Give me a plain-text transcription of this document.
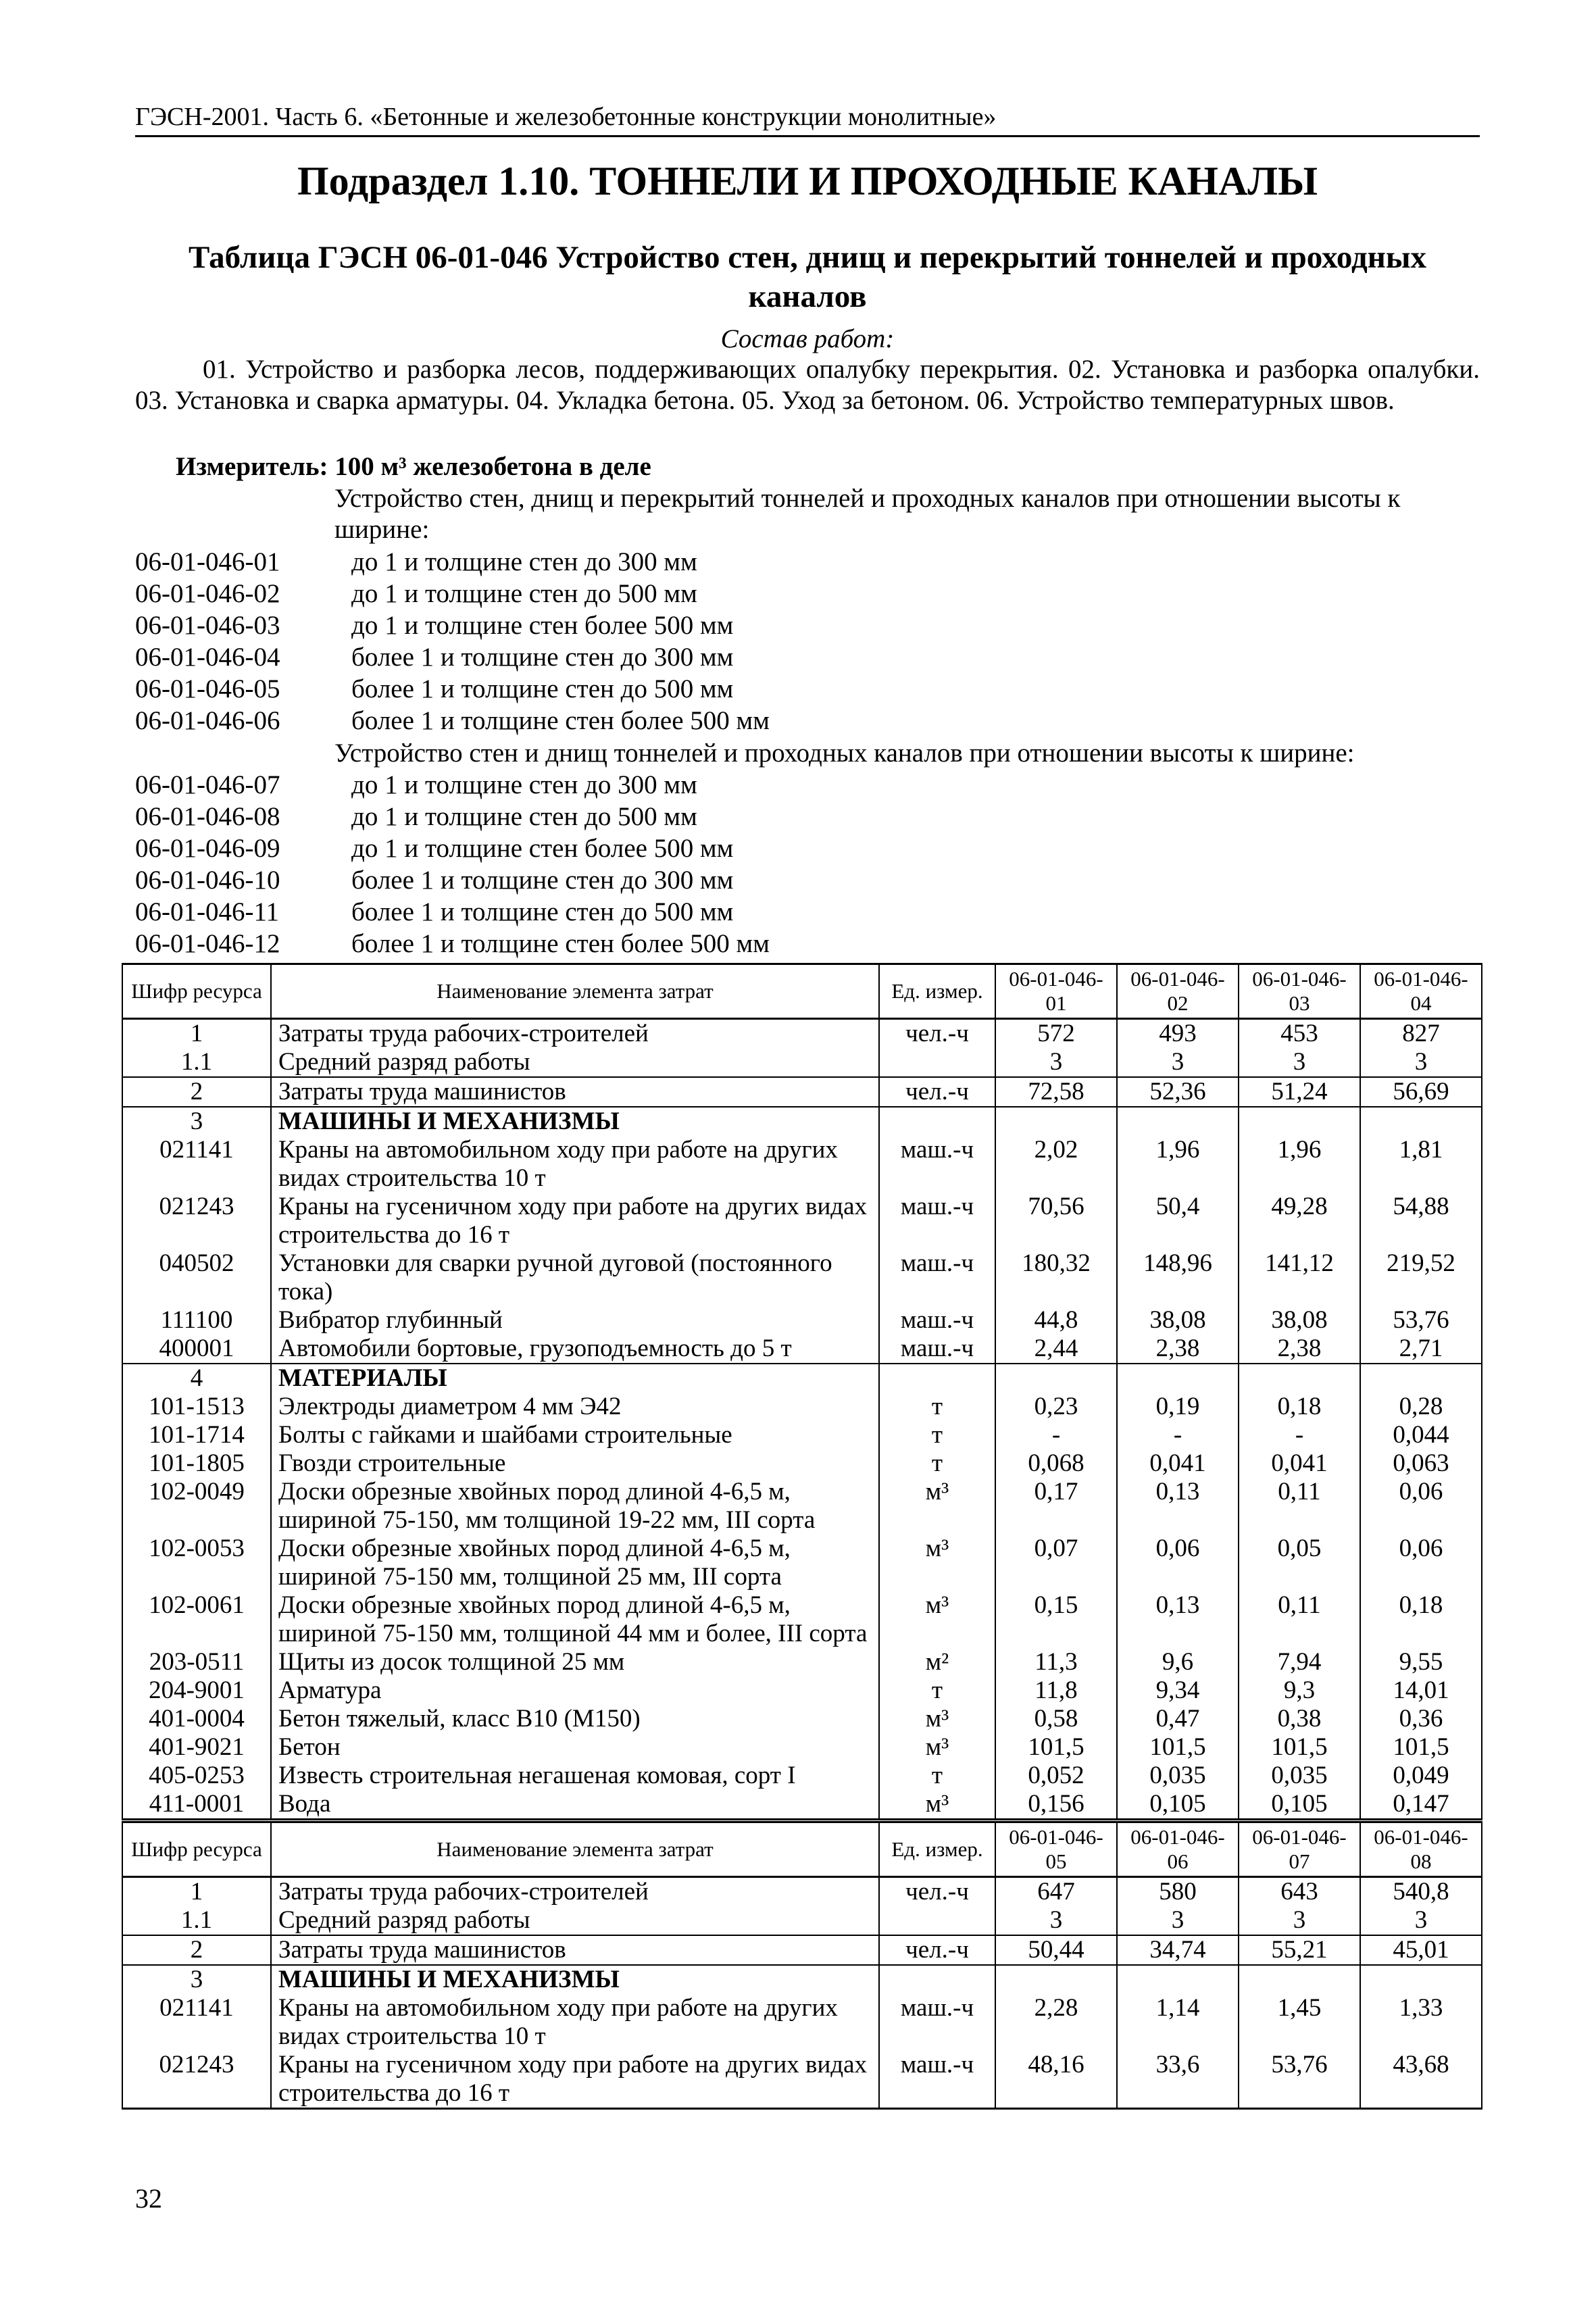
ГЭСН-2001. Часть 6. «Бетонные и железобетонные конструкции монолитные»
Подраздел 1.10. ТОННЕЛИ И ПРОХОДНЫЕ КАНАЛЫ
Таблица ГЭСН 06-01-046 Устройство стен, днищ и перекрытий тоннелей и проходных
каналов
Состав работ:
01. Устройство и разборка лесов, поддерживающих опалубку перекрытия. 02. Установка и разборка опалубки. 03. Установка и сварка арматуры. 04. Укладка бетона. 05. Уход за бетоном. 06. Устройство температурных швов.
Измеритель: 100 м³ железобетона в деле
Устройство стен, днищ и перекрытий тоннелей и проходных каналов при отношении высоты к ширине:
06-01-046-01	до 1 и толщине стен до 300 мм
06-01-046-02	до 1 и толщине стен до 500 мм
06-01-046-03	до 1 и толщине стен более 500 мм
06-01-046-04	более 1 и толщине стен до 300 мм
06-01-046-05	более 1 и толщине стен до 500 мм
06-01-046-06	более 1 и толщине стен более 500 мм
Устройство стен и днищ тоннелей и проходных каналов при отношении высоты к ширине:
06-01-046-07	до 1 и толщине стен до 300 мм
06-01-046-08	до 1 и толщине стен до 500 мм
06-01-046-09	до 1 и толщине стен более 500 мм
06-01-046-10	более 1 и толщине стен до 300 мм
06-01-046-11	более 1 и толщине стен до 500 мм
06-01-046-12	более 1 и толщине стен более 500 мм
Шифр ресурса	Наименование элемента затрат	Ед. измер.	06-01-046-01	06-01-046-02	06-01-046-03	06-01-046-04
1	Затраты труда рабочих-строителей	чел.-ч	572	493	453	827
1.1	Средний разряд работы		3	3	3	3
2	Затраты труда машинистов	чел.-ч	72,58	52,36	51,24	56,69
3	МАШИНЫ И МЕХАНИЗМЫ					
021141	Краны на автомобильном ходу при работе на других видах строительства 10 т	маш.-ч	2,02	1,96	1,96	1,81
021243	Краны на гусеничном ходу при работе на других видах строительства до 16 т	маш.-ч	70,56	50,4	49,28	54,88
040502	Установки для сварки ручной дуговой (постоянного тока)	маш.-ч	180,32	148,96	141,12	219,52
111100	Вибратор глубинный	маш.-ч	44,8	38,08	38,08	53,76
400001	Автомобили бортовые, грузоподъемность до 5 т	маш.-ч	2,44	2,38	2,38	2,71
4	МАТЕРИАЛЫ					
101-1513	Электроды диаметром 4 мм Э42	т	0,23	0,19	0,18	0,28
101-1714	Болты с гайками и шайбами строительные	т	-	-	-	0,044
101-1805	Гвозди строительные	т	0,068	0,041	0,041	0,063
102-0049	Доски обрезные хвойных пород длиной 4-6,5 м, шириной 75-150, мм толщиной 19-22 мм, III сорта	м³	0,17	0,13	0,11	0,06
102-0053	Доски обрезные хвойных пород длиной 4-6,5 м, шириной 75-150 мм, толщиной 25 мм, III сорта	м³	0,07	0,06	0,05	0,06
102-0061	Доски обрезные хвойных пород длиной 4-6,5 м, шириной 75-150 мм, толщиной 44 мм и более, III сорта	м³	0,15	0,13	0,11	0,18
203-0511	Щиты из досок толщиной 25 мм	м²	11,3	9,6	7,94	9,55
204-9001	Арматура	т	11,8	9,34	9,3	14,01
401-0004	Бетон тяжелый, класс В10 (М150)	м³	0,58	0,47	0,38	0,36
401-9021	Бетон	м³	101,5	101,5	101,5	101,5
405-0253	Известь строительная негашеная комовая, сорт I	т	0,052	0,035	0,035	0,049
411-0001	Вода	м³	0,156	0,105	0,105	0,147
Шифр ресурса	Наименование элемента затрат	Ед. измер.	06-01-046-05	06-01-046-06	06-01-046-07	06-01-046-08
1	Затраты труда рабочих-строителей	чел.-ч	647	580	643	540,8
1.1	Средний разряд работы		3	3	3	3
2	Затраты труда машинистов	чел.-ч	50,44	34,74	55,21	45,01
3	МАШИНЫ И МЕХАНИЗМЫ					
021141	Краны на автомобильном ходу при работе на других видах строительства 10 т	маш.-ч	2,28	1,14	1,45	1,33
021243	Краны на гусеничном ходу при работе на других видах строительства до 16 т	маш.-ч	48,16	33,6	53,76	43,68
32
